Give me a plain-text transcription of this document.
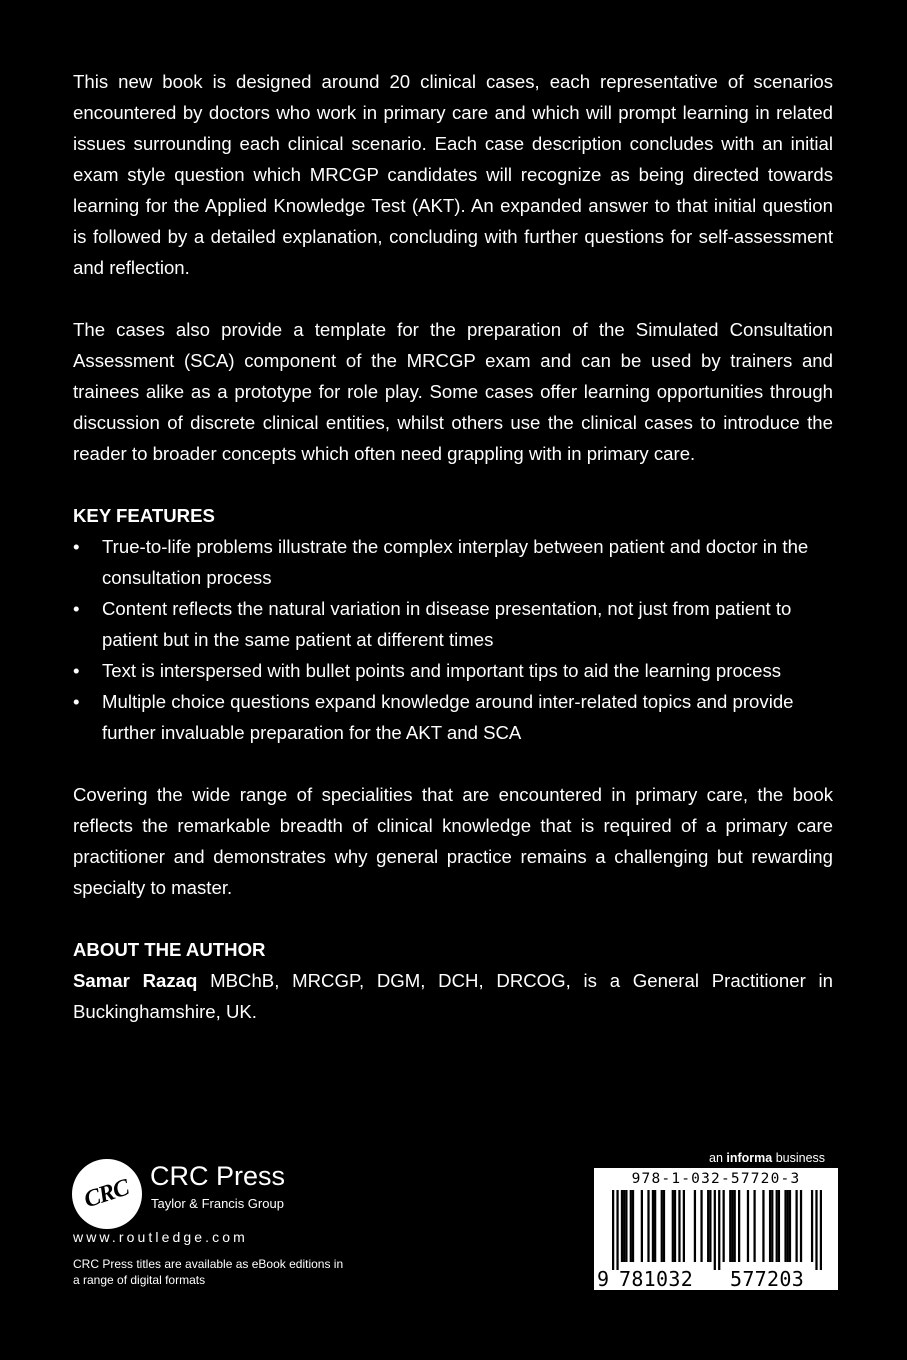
This new book is designed around 20 clinical cases, each representative of scenarios encountered by doctors who work in primary care and which will prompt learning in related issues surrounding each clinical scenario. Each case description concludes with an initial exam style question which MRCGP candidates will recognize as being directed towards learning for the Applied Knowledge Test (AKT). An expanded answer to that initial question is followed by a detailed explanation, concluding with further questions for self-assessment and reflection.

The cases also provide a template for the preparation of the Simulated Consultation Assessment (SCA) component of the MRCGP exam and can be used by trainers and trainees alike as a prototype for role play. Some cases offer learning opportunities through discussion of discrete clinical entities, whilst others use the clinical cases to introduce the reader to broader concepts which often need grappling with in primary care.

KEY FEATURES

• True-to-life problems illustrate the complex interplay between patient and doctor in the consultation process
• Content reflects the natural variation in disease presentation, not just from patient to patient but in the same patient at different times
• Text is interspersed with bullet points and important tips to aid the learning process
• Multiple choice questions expand knowledge around inter-related topics and provide further invaluable preparation for the AKT and SCA

Covering the wide range of specialities that are encountered in primary care, the book reflects the remarkable breadth of clinical knowledge that is required of a primary care practitioner and demonstrates why general practice remains a challenging but rewarding specialty to master.

ABOUT THE AUTHOR

Samar Razaq MBChB, MRCGP, DGM, DCH, DRCOG, is a General Practitioner in Buckinghamshire, UK.

CRC CRC Press
Taylor & Francis Group
www.routledge.com
CRC Press titles are available as eBook editions in a range of digital formats
an informa business
978-1-032-57720-3
9 781032 577203
